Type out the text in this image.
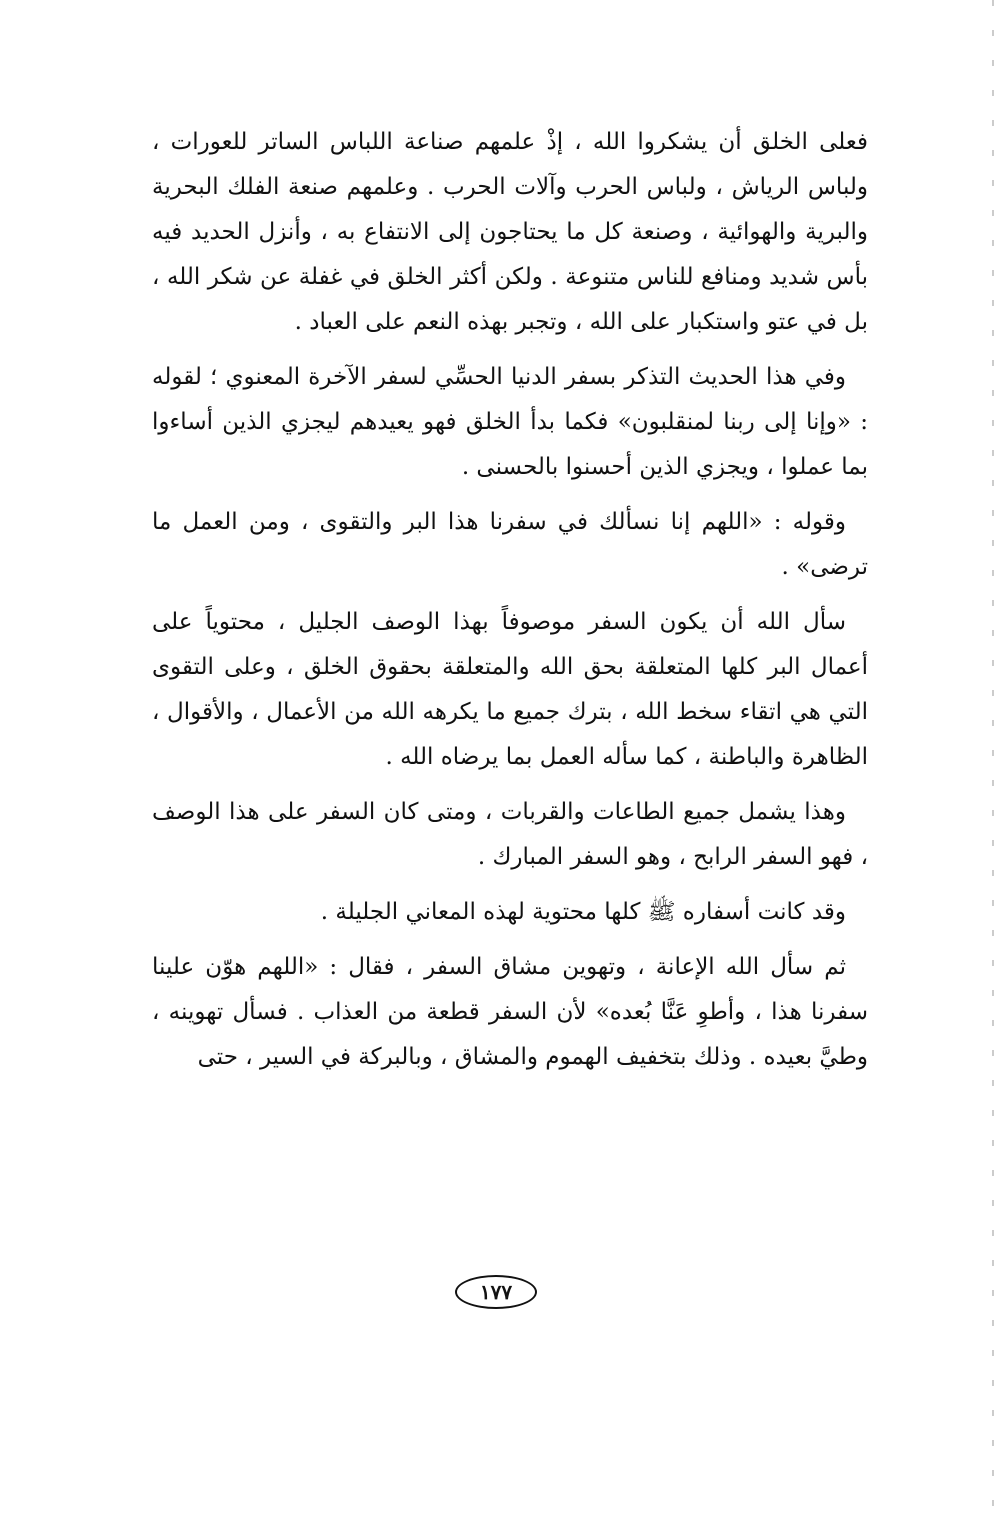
فعلى الخلق أن يشكروا الله ، إذْ علمهم صناعة اللباس الساتر للعورات ، ولباس الرياش ، ولباس الحرب وآلات الحرب . وعلمهم صنعة الفلك البحرية والبرية والهوائية ، وصنعة كل ما يحتاجون إلى الانتفاع به ، وأنزل الحديد فيه بأس شديد ومنافع للناس متنوعة . ولكن أكثر الخلق في غفلة عن شكر الله ، بل في عتو واستكبار على الله ، وتجبر بهذه النعم على العباد .

وفي هذا الحديث التذكر بسفر الدنيا الحسِّي لسفر الآخرة المعنوي ؛ لقوله : «وإنا إلى ربنا لمنقلبون» فكما بدأ الخلق فهو يعيدهم ليجزي الذين أساءوا بما عملوا ، ويجزي الذين أحسنوا بالحسنى .

وقوله : «اللهم إنا نسألك في سفرنا هذا البر والتقوى ، ومن العمل ما ترضى» .

سأل الله أن يكون السفر موصوفاً بهذا الوصف الجليل ، محتوياً على أعمال البر كلها المتعلقة بحق الله والمتعلقة بحقوق الخلق ، وعلى التقوى التي هي اتقاء سخط الله ، بترك جميع ما يكرهه الله من الأعمال ، والأقوال ، الظاهرة والباطنة ، كما سأله العمل بما يرضاه الله .

وهذا يشمل جميع الطاعات والقربات ، ومتى كان السفر على هذا الوصف ، فهو السفر الرابح ، وهو السفر المبارك .

وقد كانت أسفاره ﷺ كلها محتوية لهذه المعاني الجليلة .

ثم سأل الله الإعانة ، وتهوين مشاق السفر ، فقال : «اللهم هوّن علينا سفرنا هذا ، وأطوِ عَنَّا بُعده» لأن السفر قطعة من العذاب . فسأل تهوينه ، وطيَّ بعيده . وذلك بتخفيف الهموم والمشاق ، وبالبركة في السير ، حتى

١٧٧
